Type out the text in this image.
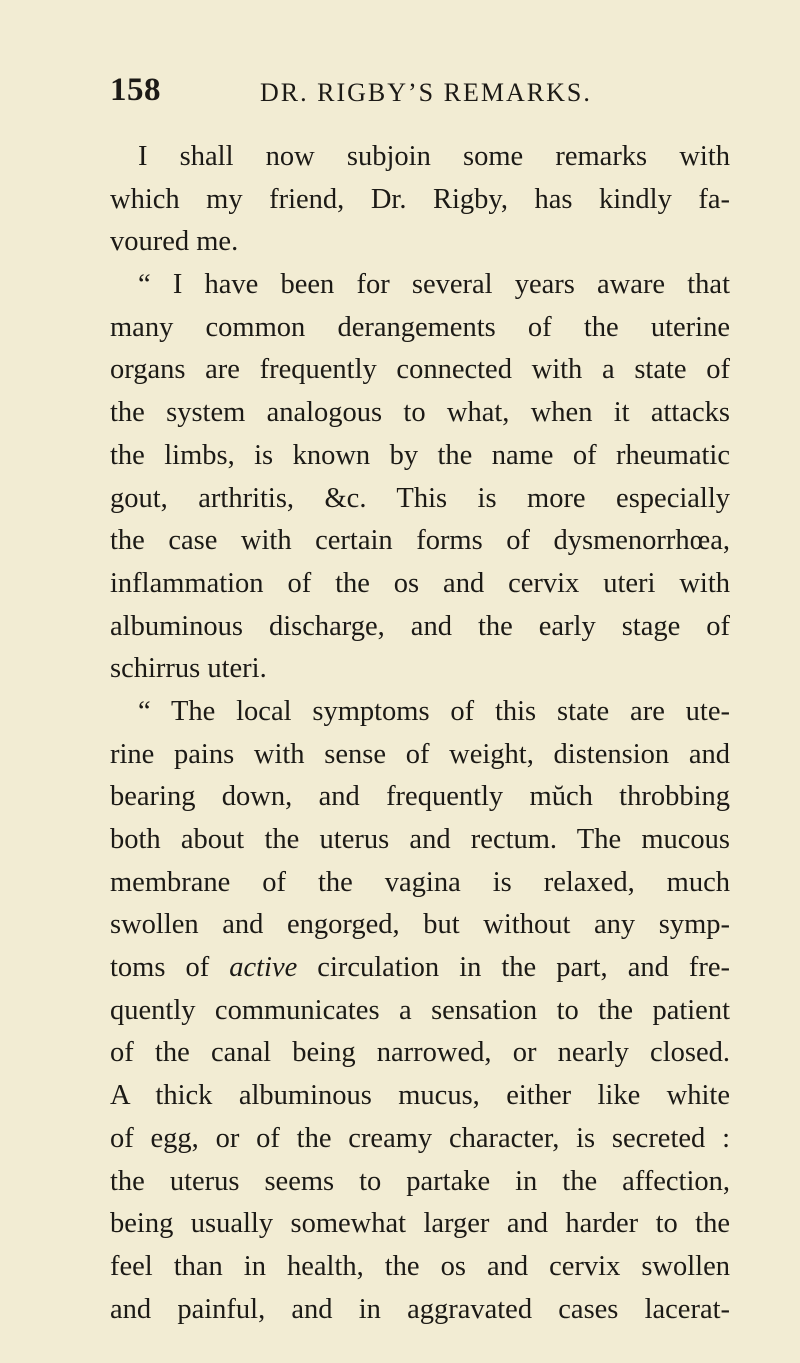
158	DR. RIGBY’S REMARKS.
I shall now subjoin some remarks with
which my friend, Dr. Rigby, has kindly fa-
voured me.
“ I have been for several years aware that
many common derangements of the uterine
organs are frequently connected with a state of
the system analogous to what, when it attacks
the limbs, is known by the name of rheumatic
gout, arthritis, &c. This is more especially
the case with certain forms of dysmenorrhœa,
inflammation of the os and cervix uteri with
albuminous discharge, and the early stage of
schirrus uteri.
“ The local symptoms of this state are ute-
rine pains with sense of weight, distension and
bearing down, and frequently mŭch throbbing
both about the uterus and rectum. The mucous
membrane of the vagina is relaxed, much
swollen and engorged, but without any symp-
toms of active circulation in the part, and fre-
quently communicates a sensation to the patient
of the canal being narrowed, or nearly closed.
A thick albuminous mucus, either like white
of egg, or of the creamy character, is secreted :
the uterus seems to partake in the affection,
being usually somewhat larger and harder to the
feel than in health, the os and cervix swollen
and painful, and in aggravated cases lacerat-
